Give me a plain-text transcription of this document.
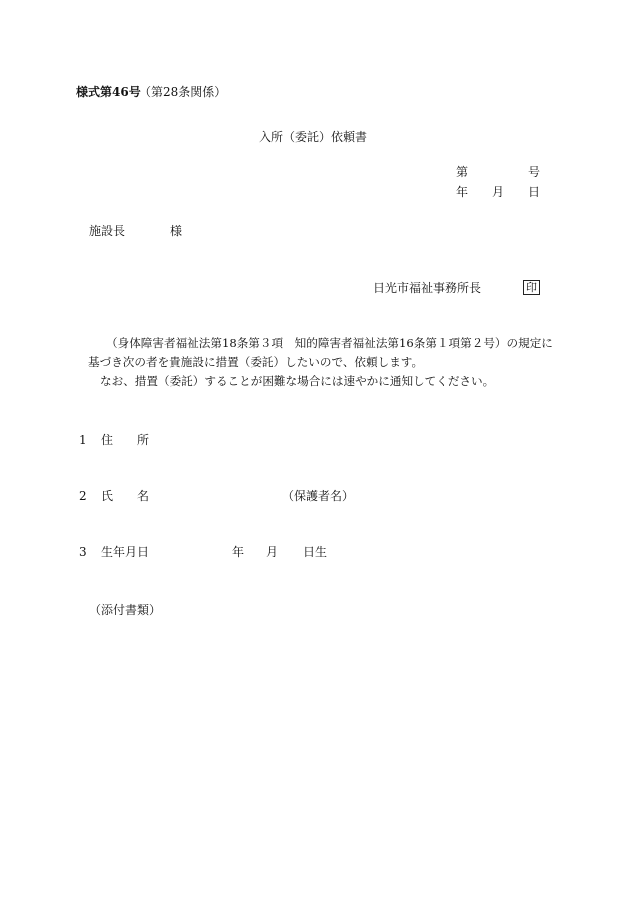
様式第46号
（第28条関係）
入所（委託）依頼書
第	号
年 月 日
施設長	様
日光市福祉事務所長	印
（身体障害者福祉法第18条第３項　知的障害者福祉法第16条第１項第２号）の規定に
基づき次の者を貴施設に措置（委託）したいので、依頼します。
なお、措置（委託）することが困難な場合には速やかに通知してください。
1 住　　所
2 氏　　名	（保護者名）
3 生年月日	年 月 日生
（添付書類）
